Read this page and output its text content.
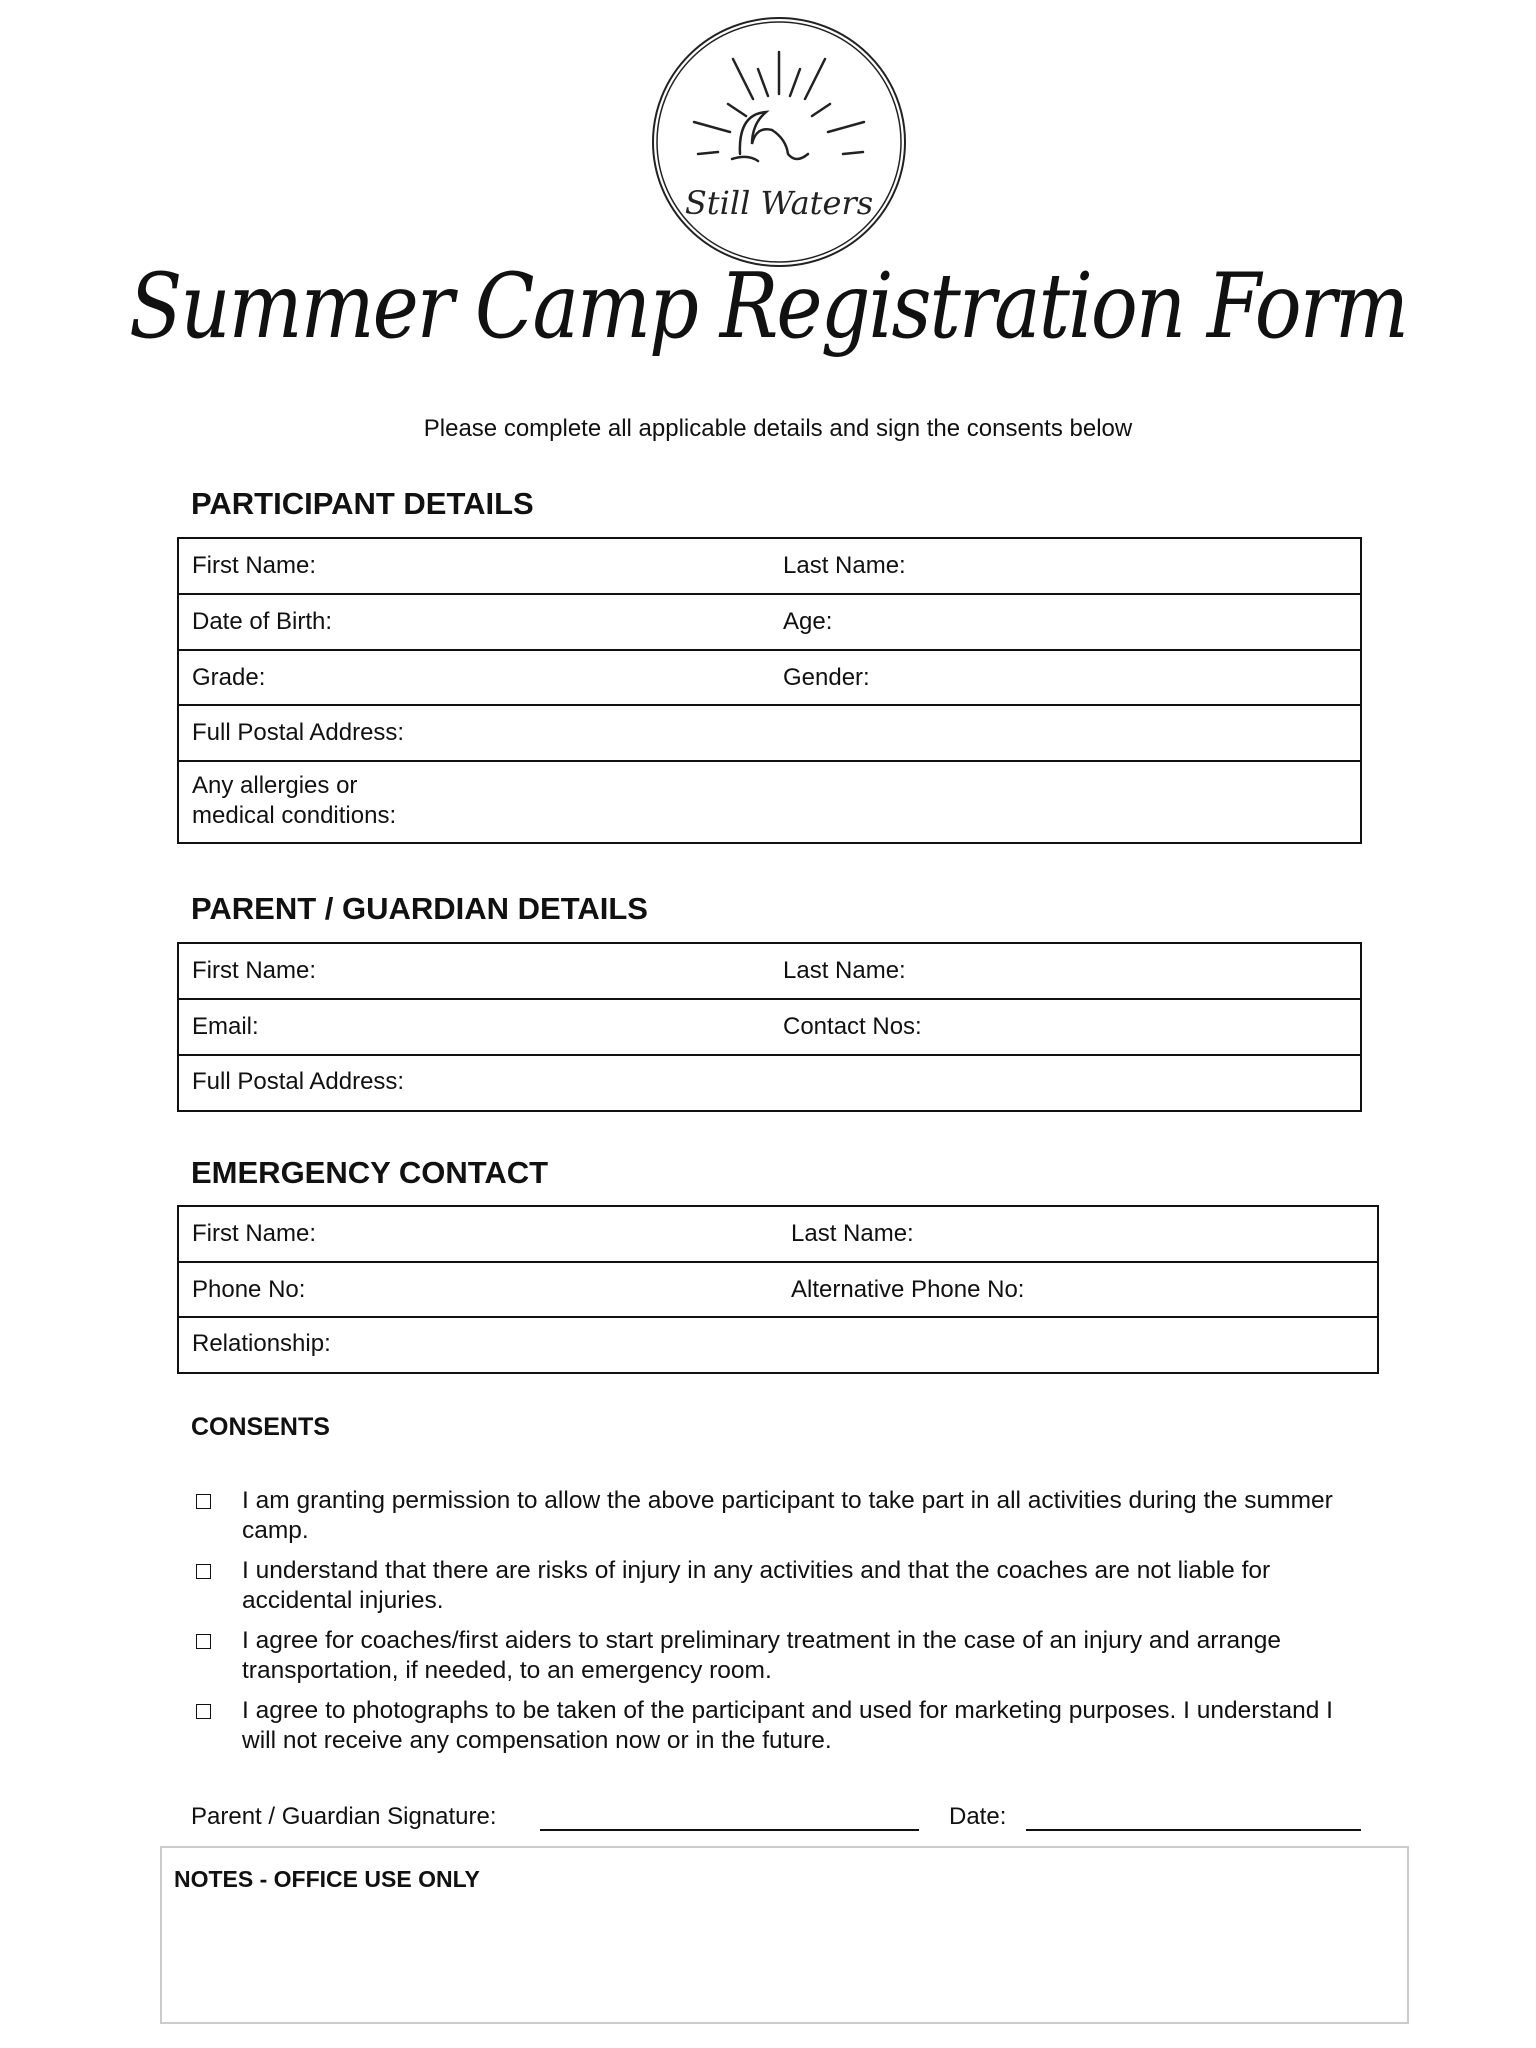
Still Waters
Summer Camp Registration Form
Please complete all applicable details and sign the consents below
PARTICIPANT DETAILS
First Name:	Last Name:
Date of Birth:	Age:
Grade:	Gender:
Full Postal Address:
Any allergies or
medical conditions:
PARENT / GUARDIAN DETAILS
First Name:	Last Name:
Email:	Contact Nos:
Full Postal Address:
EMERGENCY CONTACT
First Name:	Last Name:
Phone No:	Alternative Phone No:
Relationship:
CONSENTS
I am granting permission to allow the above participant to take part in all activities during the summer camp.
I understand that there are risks of injury in any activities and that the coaches are not liable for accidental injuries.
I agree for coaches/first aiders to start preliminary treatment in the case of an injury and arrange transportation, if needed, to an emergency room.
I agree to photographs to be taken of the participant and used for marketing purposes. I understand I will not receive any compensation now or in the future.
Parent / Guardian Signature:	Date:
NOTES - OFFICE USE ONLY
